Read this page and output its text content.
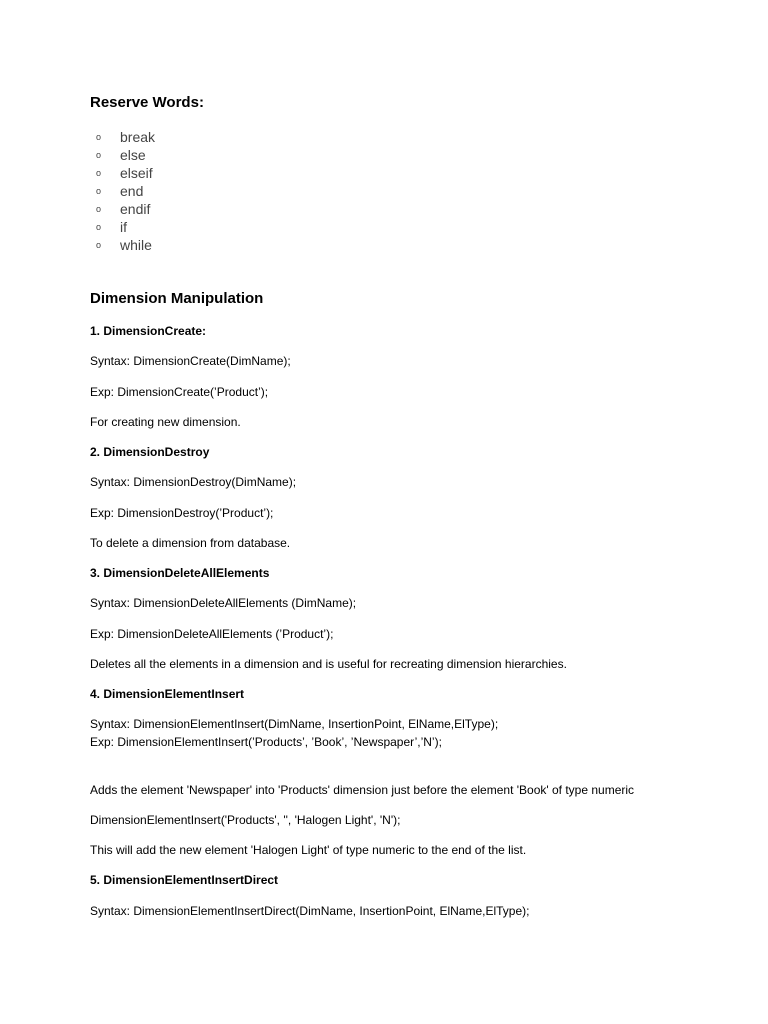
Reserve Words:
o	break
o	else
o	elseif
o	end
o	endif
o	if
o	while
Dimension Manipulation
1. DimensionCreate:
Syntax: DimensionCreate(DimName);
Exp: DimensionCreate(’Product’);
For creating new dimension.
2. DimensionDestroy
Syntax: DimensionDestroy(DimName);
Exp: DimensionDestroy(’Product’);
To delete a dimension from database.
3. DimensionDeleteAllElements
Syntax: DimensionDeleteAllElements (DimName);
Exp: DimensionDeleteAllElements (’Product’);
Deletes all the elements in a dimension and is useful for recreating dimension hierarchies.
4. DimensionElementInsert
Syntax: DimensionElementInsert(DimName, InsertionPoint, ElName,ElType);
Exp: DimensionElementInsert(’Products’, ’Book’, ’Newspaper’,’N’);
Adds the element 'Newspaper' into 'Products' dimension just before the element 'Book' of type numeric
DimensionElementInsert('Products', '', 'Halogen Light', 'N');
This will add the new element 'Halogen Light' of type numeric to the end of the list.
5. DimensionElementInsertDirect
Syntax: DimensionElementInsertDirect(DimName, InsertionPoint, ElName,ElType);
